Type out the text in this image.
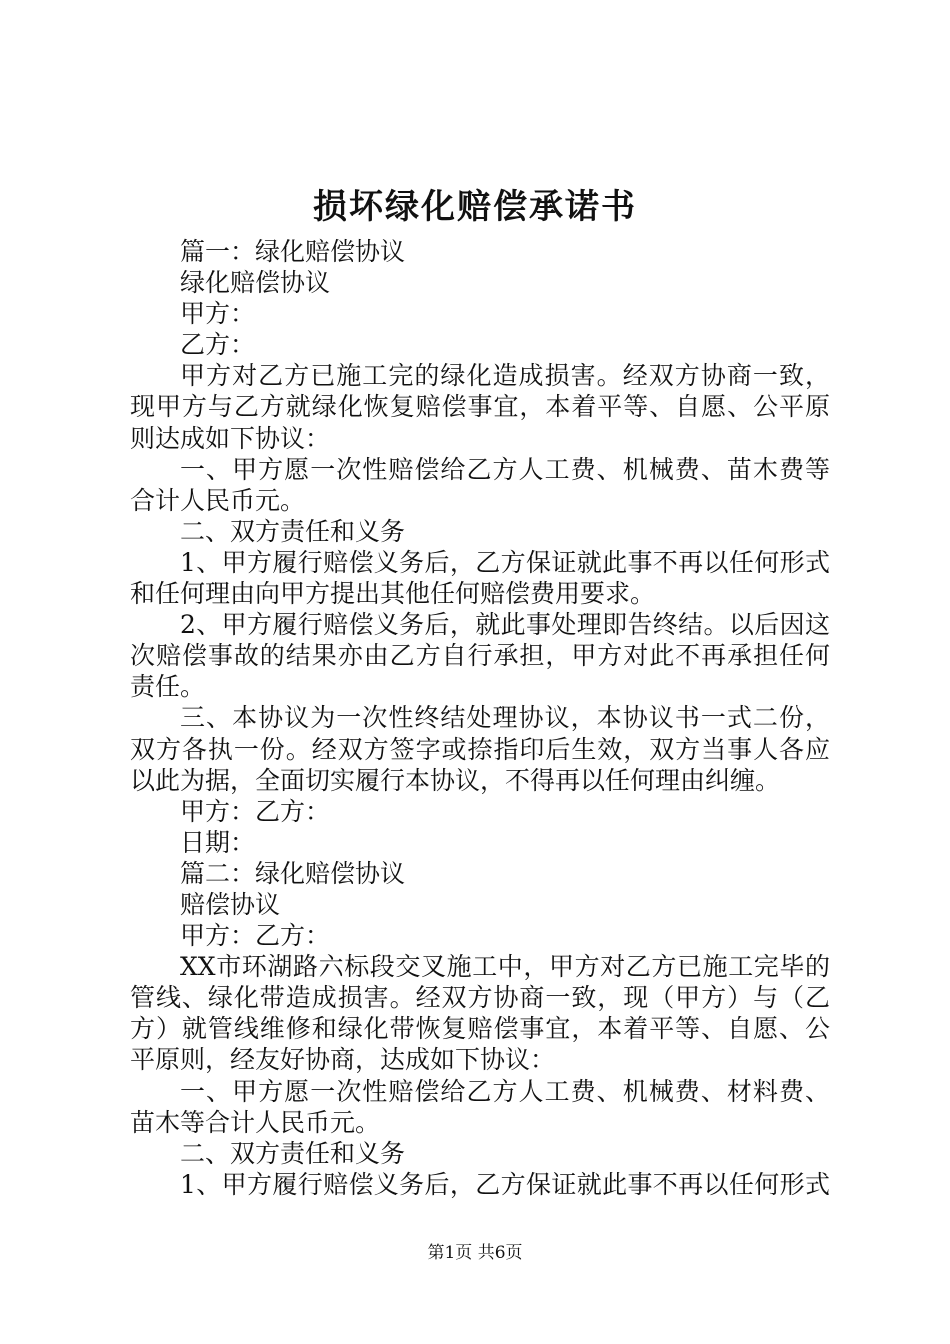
损坏绿化赔偿承诺书
篇一：绿化赔偿协议
绿化赔偿协议
甲方：
乙方：
甲方对乙方已施工完的绿化造成损害。经双方协商一致，
现甲方与乙方就绿化恢复赔偿事宜，本着平等、自愿、公平原
则达成如下协议：
一、甲方愿一次性赔偿给乙方人工费、机械费、苗木费等
合计人民币元。
二、双方责任和义务
1、甲方履行赔偿义务后，乙方保证就此事不再以任何形式
和任何理由向甲方提出其他任何赔偿费用要求。
2、甲方履行赔偿义务后，就此事处理即告终结。以后因这
次赔偿事故的结果亦由乙方自行承担，甲方对此不再承担任何
责任。
三、本协议为一次性终结处理协议，本协议书一式二份，
双方各执一份。经双方签字或捺指印后生效，双方当事人各应
以此为据，全面切实履行本协议，不得再以任何理由纠缠。
甲方：乙方：
日期：
篇二：绿化赔偿协议
赔偿协议
甲方：乙方：
XX市环湖路六标段交叉施工中，甲方对乙方已施工完毕的
管线、绿化带造成损害。经双方协商一致，现（甲方）与（乙
方）就管线维修和绿化带恢复赔偿事宜，本着平等、自愿、公
平原则，经友好协商，达成如下协议：
一、甲方愿一次性赔偿给乙方人工费、机械费、材料费、
苗木等合计人民币元。
二、双方责任和义务
1、甲方履行赔偿义务后，乙方保证就此事不再以任何形式
第1页 共6页
